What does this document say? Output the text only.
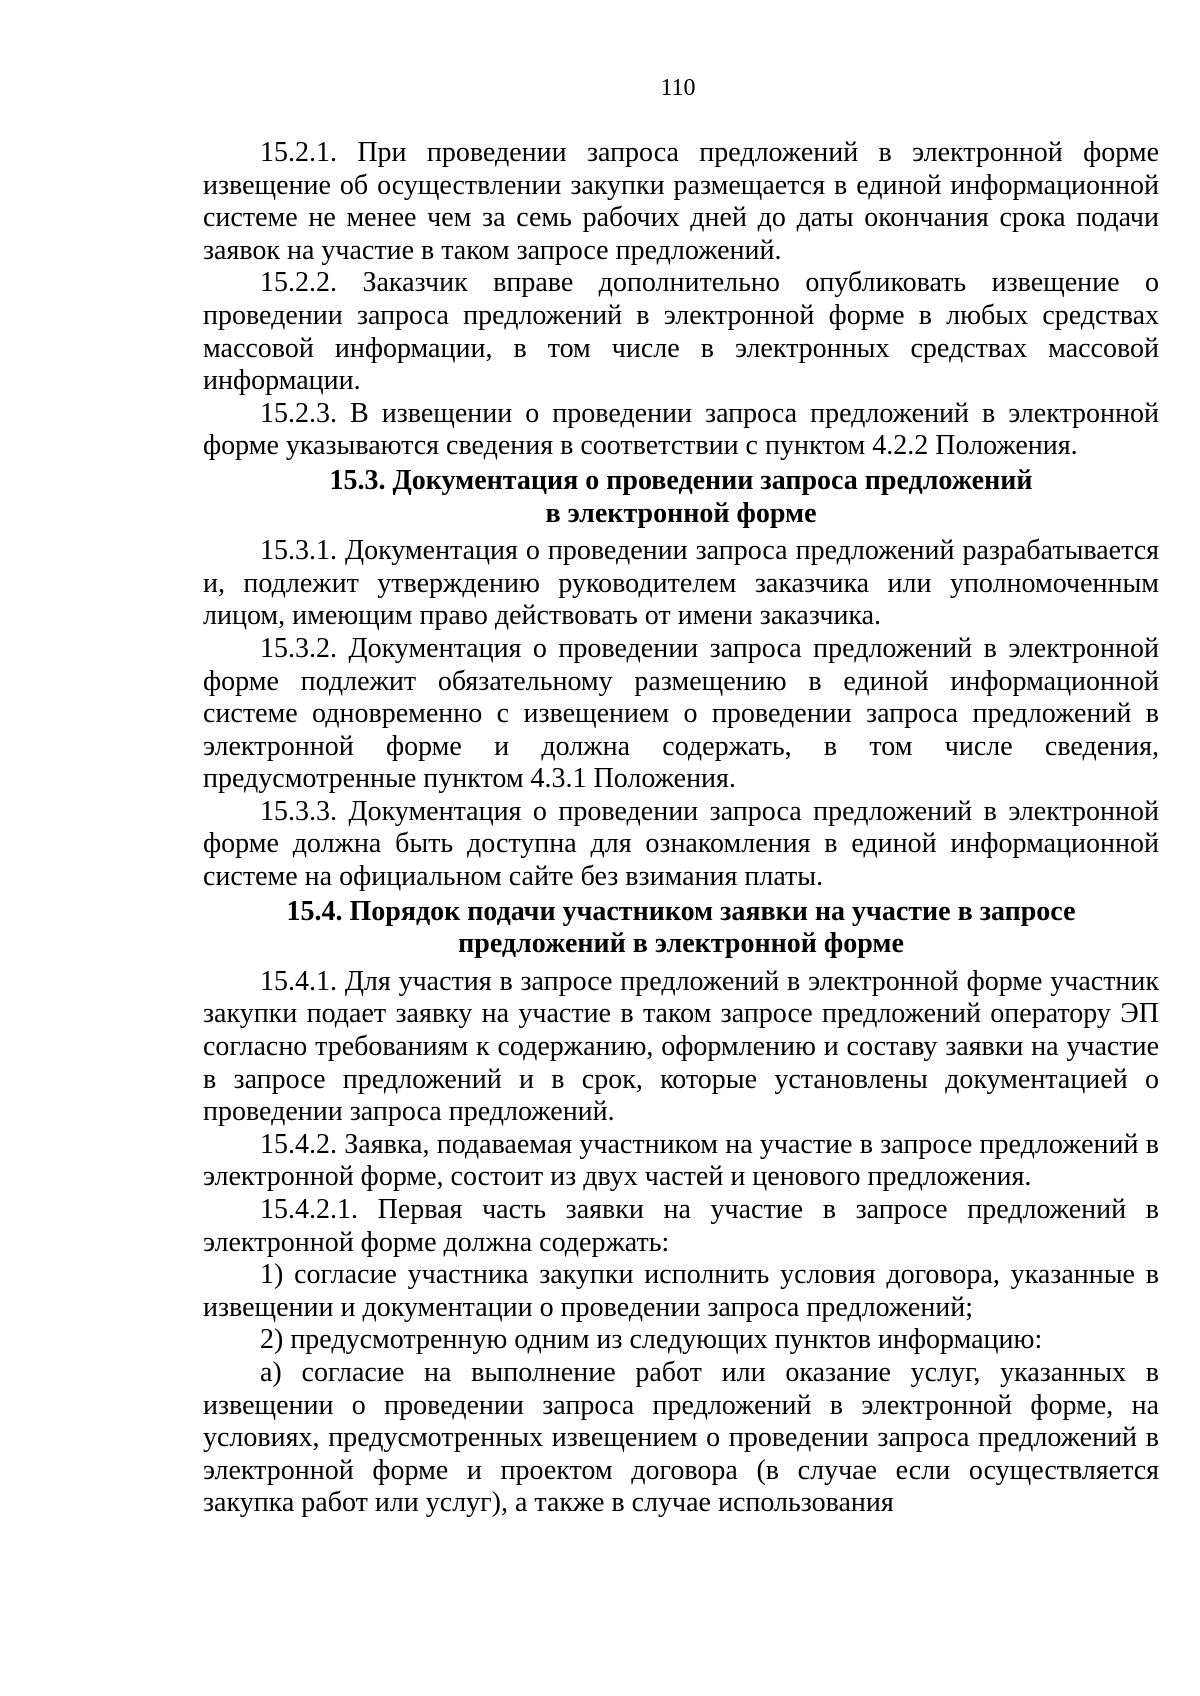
110

15.2.1. При проведении запроса предложений в электронной форме извещение об осуществлении закупки размещается в единой информационной системе не менее чем за семь рабочих дней до даты окончания срока подачи заявок на участие в таком запросе предложений.

15.2.2. Заказчик вправе дополнительно опубликовать извещение о проведении запроса предложений в электронной форме в любых средствах массовой информации, в том числе в электронных средствах массовой информации.

15.2.3. В извещении о проведении запроса предложений в электронной форме указываются сведения в соответствии с пунктом 4.2.2 Положения.

15.3. Документация о проведении запроса предложений
в электронной форме

15.3.1. Документация о проведении запроса предложений разрабатывается и, подлежит утверждению руководителем заказчика или уполномоченным лицом, имеющим право действовать от имени заказчика.

15.3.2. Документация о проведении запроса предложений в электронной форме подлежит обязательному размещению в единой информационной системе одновременно с извещением о проведении запроса предложений в электронной форме и должна содержать, в том числе сведения, предусмотренные пунктом 4.3.1 Положения.

15.3.3. Документация о проведении запроса предложений в электронной форме должна быть доступна для ознакомления в единой информационной системе на официальном сайте без взимания платы.

15.4. Порядок подачи участником заявки на участие в запросе
предложений в электронной форме

15.4.1. Для участия в запросе предложений в электронной форме участник закупки подает заявку на участие в таком запросе предложений оператору ЭП согласно требованиям к содержанию, оформлению и составу заявки на участие в запросе предложений и в срок, которые установлены документацией о проведении запроса предложений.

15.4.2. Заявка, подаваемая участником на участие в запросе предложений в электронной форме, состоит из двух частей и ценового предложения.

15.4.2.1. Первая часть заявки на участие в запросе предложений в электронной форме должна содержать:

1) согласие участника закупки исполнить условия договора, указанные в извещении и документации о проведении запроса предложений;

2) предусмотренную одним из следующих пунктов информацию:

а) согласие на выполнение работ или оказание услуг, указанных в извещении о проведении запроса предложений в электронной форме, на условиях, предусмотренных извещением о проведении запроса предложений в электронной форме и проектом договора (в случае если осуществляется закупка работ или услуг), а также в случае использования
